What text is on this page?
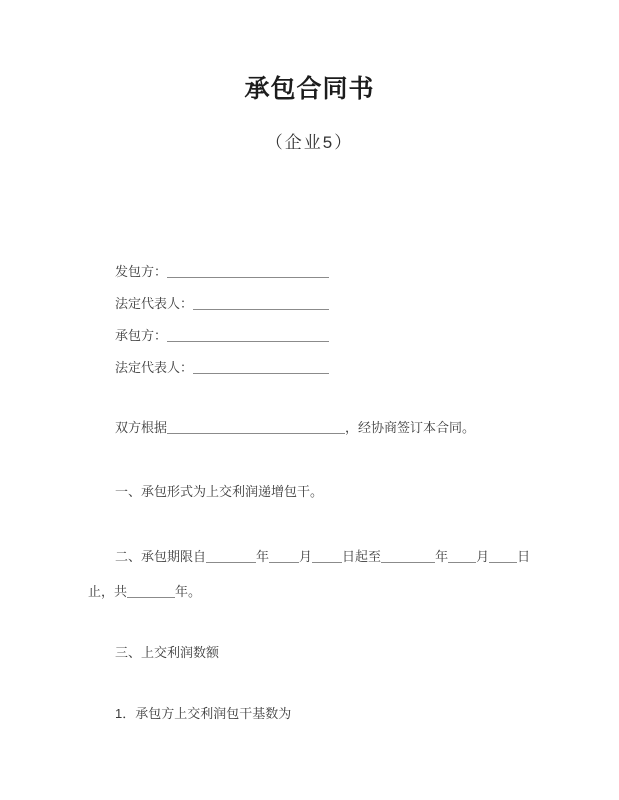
承包合同书
（企业5）
发包方：
法定代表人：
承包方：
法定代表人：
双方根据	，经协商签订本合同。
一、承包形式为上交利润递增包干。
二、承包期限自	年 月 日起至	年 月 日
止，共	年。
三、上交利润数额
1．承包方上交利润包干基数为
